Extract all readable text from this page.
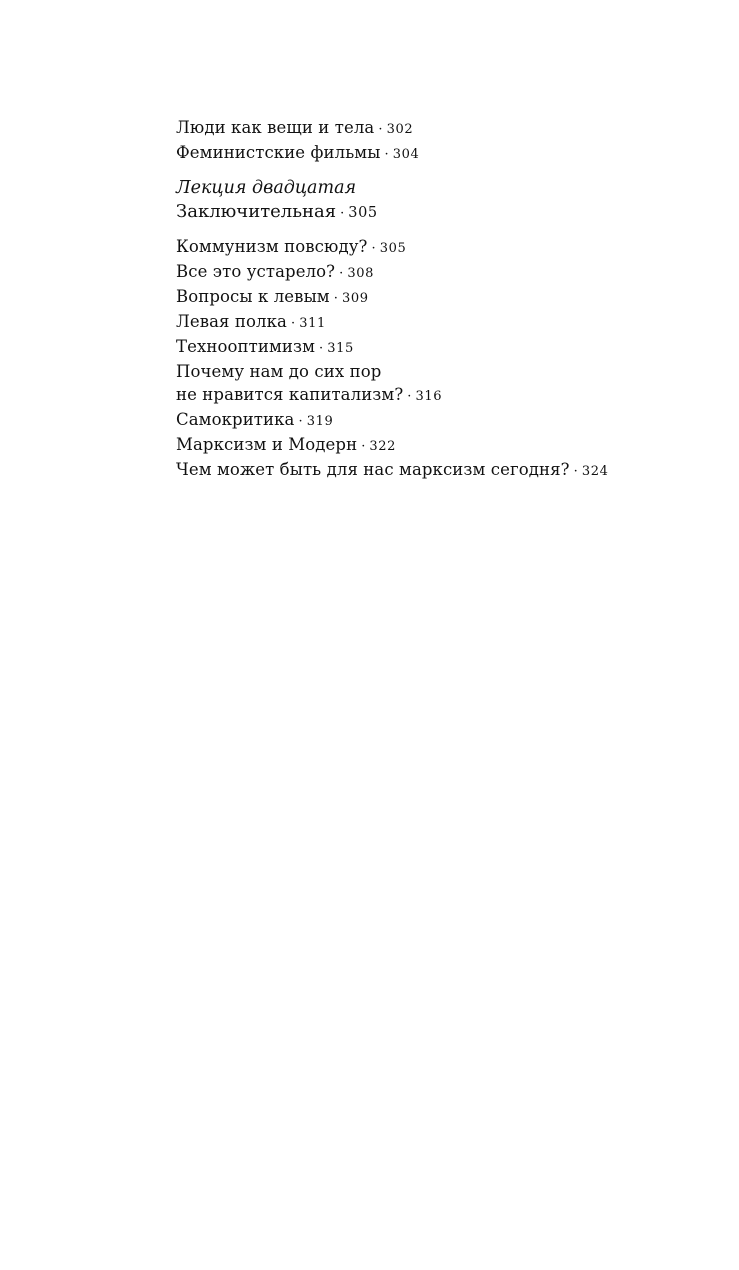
Люди как вещи и тела · 302
Феминистские фильмы · 304
Лекция двадцатая
Заключительная · 305
Коммунизм повсюду? · 305
Все это устарело? · 308
Вопросы к левым · 309
Левая полка · 311
Технооптимизм · 315
Почему нам до сих пор
не нравится капитализм? · 316
Самокритика · 319
Марксизм и Модерн · 322
Чем может быть для нас марксизм сегодня? · 324
